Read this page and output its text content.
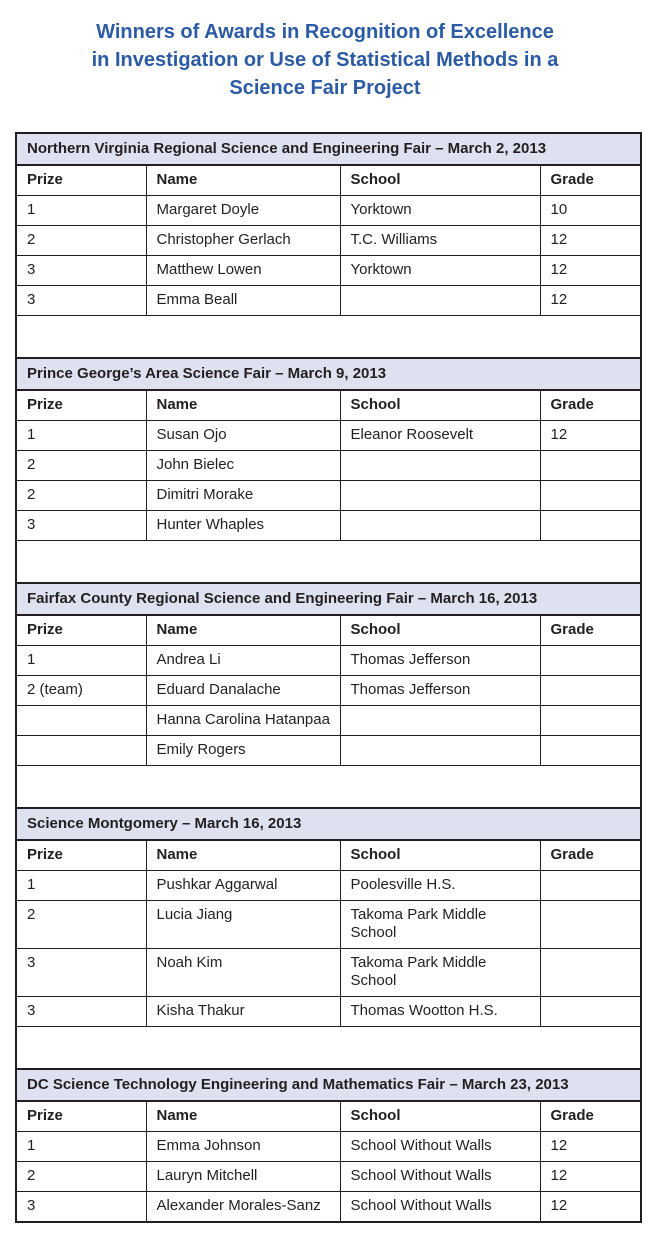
Winners of Awards in Recognition of Excellence
in Investigation or Use of Statistical Methods in a
Science Fair Project
Northern Virginia Regional Science and Engineering Fair – March 2, 2013			
Prize	Name	School	Grade
1	Margaret Doyle	Yorktown	10
2	Christopher Gerlach	T.C. Williams	12
3	Matthew Lowen	Yorktown	12
3	Emma Beall		12

Prince George’s Area Science Fair – March 9, 2013			
Prize	Name	School	Grade
1	Susan Ojo	Eleanor Roosevelt	12
2	John Bielec		
2	Dimitri Morake		
3	Hunter Whaples		

Fairfax County Regional Science and Engineering Fair – March 16, 2013			
Prize	Name	School	Grade
1	Andrea Li	Thomas Jefferson	
2 (team)	Eduard Danalache	Thomas Jefferson	
	Hanna Carolina Hatanpaa		
	Emily Rogers		

Science Montgomery – March 16, 2013			
Prize	Name	School	Grade
1	Pushkar Aggarwal	Poolesville H.S.	
2	Lucia Jiang	Takoma Park Middle School	
3	Noah Kim	Takoma Park Middle School	
3	Kisha Thakur	Thomas Wootton H.S.	

DC Science Technology Engineering and Mathematics Fair – March 23, 2013			
Prize	Name	School	Grade
1	Emma Johnson	School Without Walls	12
2	Lauryn Mitchell	School Without Walls	12
3	Alexander Morales-Sanz	School Without Walls	12
